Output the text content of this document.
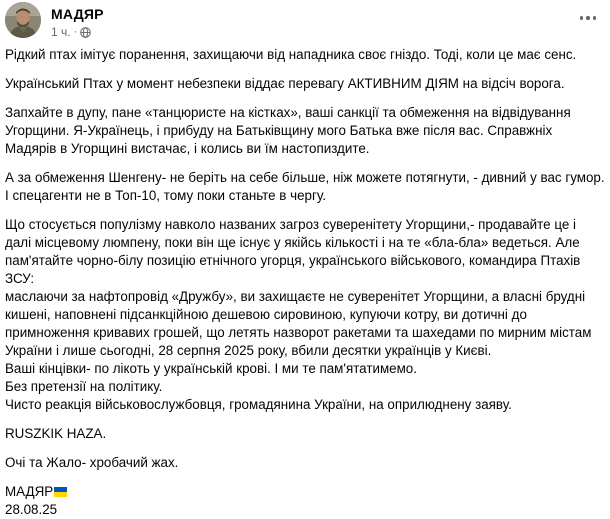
МАДЯР
1 ч. ·

Рідкий птах імітує поранення, захищаючи від нападника своє гніздо. Тоді, коли це має сенс.

Український Птах у момент небезпеки віддає перевагу АКТИВНИМ ДІЯМ на відсіч ворога.

Запхайте в дупу, пане «танцюристе на кістках», ваші санкції та обмеження на відвідування Угорщини. Я-Українець, і прибуду на Батьківщину мого Батька вже після вас. Справжніх Мадярів в Угорщині вистачає, і колись ви їм настопиздите.

А за обмеження Шенгену- не беріть на себе більше, ніж можете потягнути, - дивний у вас гумор. І спецагенти не в Топ-10, тому поки станьте в чергу.

Що стосується популізму навколо названих загроз суверенітету Угорщини,- продавайте це і далі місцевому люмпену, поки він ще існує у якійсь кількості і на те «бла-бла» ведеться. Але пам'ятайте чорно-білу позицію етнічного угорця, українського військового, командира Птахів ЗСУ:
маслаючи за нафтопровід «Дружбу», ви захищаєте не суверенітет Угорщини, а власні брудні кишені, наповнені підсанкційною дешевою сировиною, купуючи котру, ви дотичні до примноження кривавих грошей, що летять назворот ракетами та шахедами по мирним містам України і лише сьогодні, 28 серпня 2025 року, вбили десятки українців у Києві.
Ваші кінцівки- по лікоть у українській крові. І ми те пам'ятатимемо.
Без претензії на політику.
Чисто реакція військовослужбовця, громадянина України, на оприлюднену заяву.

RUSZKIK HAZA.

Очі та Жало- хробачий жах.

МАДЯР
28.08.25
